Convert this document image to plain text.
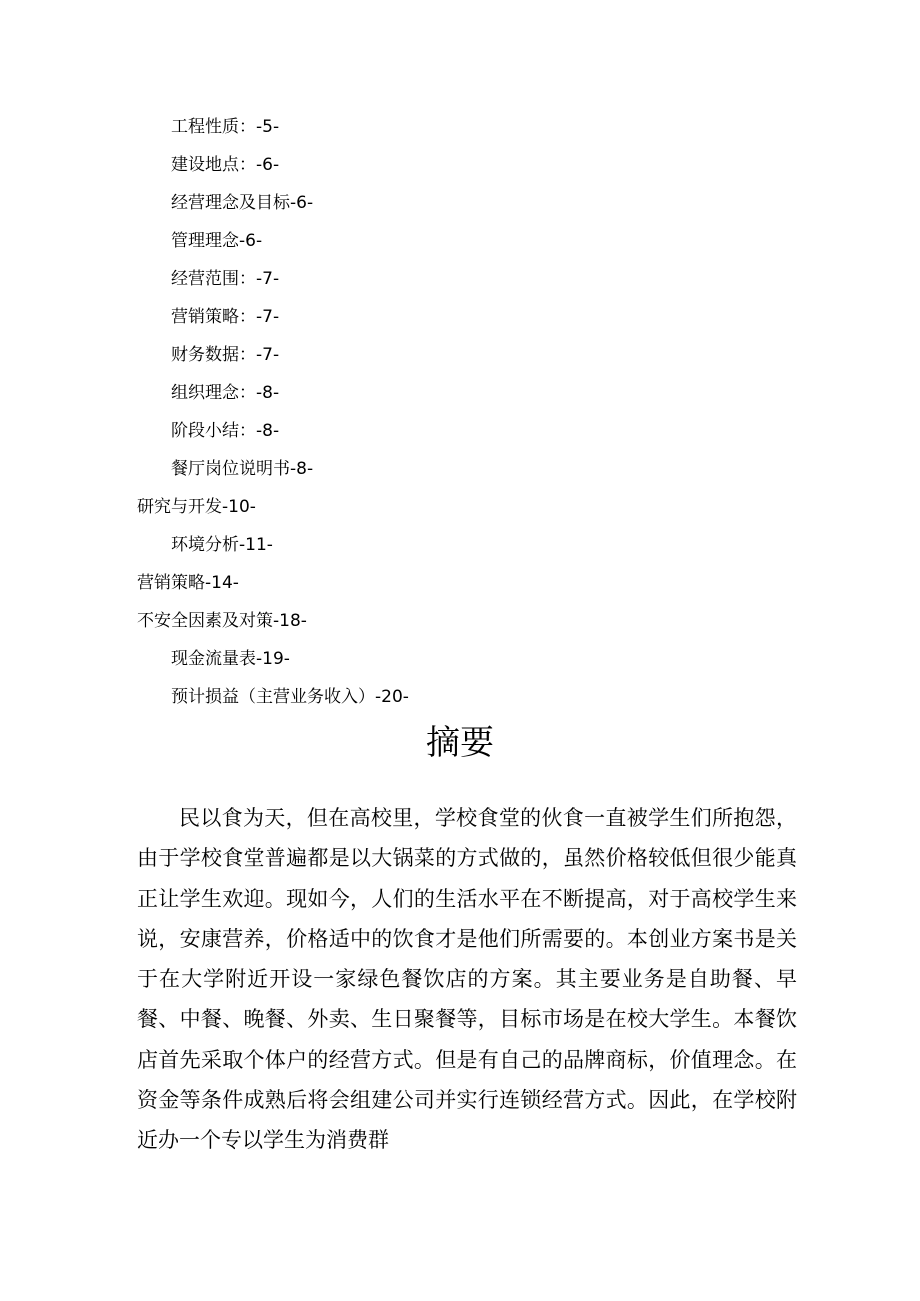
工程性质：-5-
建设地点：-6-
经营理念及目标-6-
管理理念-6-
经营范围：-7-
营销策略：-7-
财务数据：-7-
组织理念：-8-
阶段小结：-8-
餐厅岗位说明书-8-
研究与开发-10-
环境分析-11-
营销策略-14-
不安全因素及对策-18-
现金流量表-19-
预计损益（主营业务收入）-20-
摘要

民以食为天，但在高校里，学校食堂的伙食一直被学生们所抱怨，由于学校食堂普遍都是以大锅菜的方式做的，虽然价格较低但很少能真正让学生欢迎。现如今，人们的生活水平在不断提高，对于高校学生来说，安康营养，价格适中的饮食才是他们所需要的。本创业方案书是关于在大学附近开设一家绿色餐饮店的方案。其主要业务是自助餐、早餐、中餐、晚餐、外卖、生日聚餐等，目标市场是在校大学生。本餐饮店首先采取个体户的经营方式。但是有自己的品牌商标，价值理念。在资金等条件成熟后将会组建公司并实行连锁经营方式。因此，在学校附近办一个专以学生为消费群
